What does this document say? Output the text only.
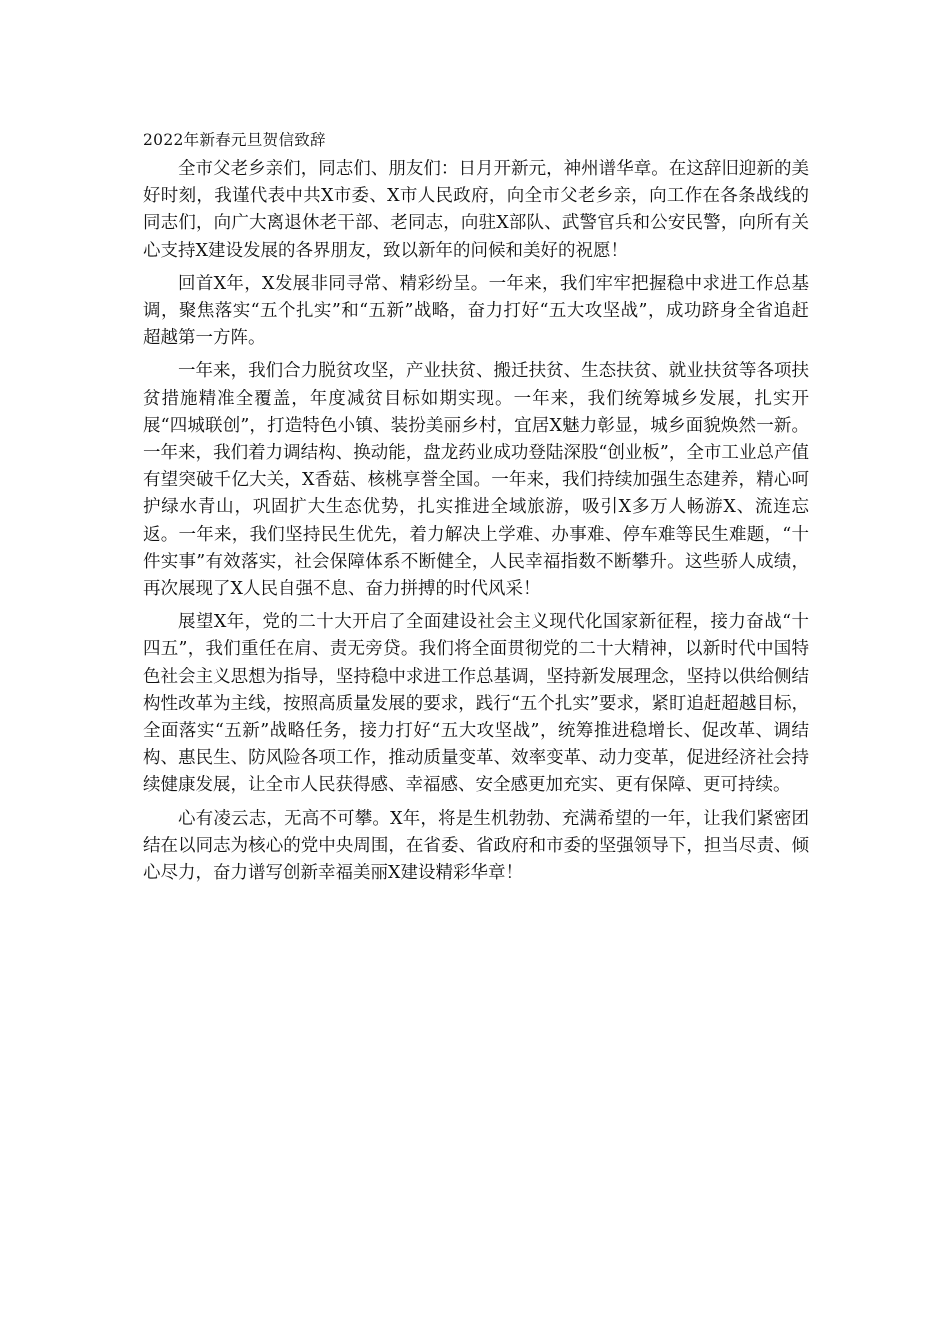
2022年新春元旦贺信致辞

全市父老乡亲们，同志们、朋友们：日月开新元，神州谱华章。在这辞旧迎新的美好时刻，我谨代表中共X市委、X市人民政府，向全市父老乡亲，向工作在各条战线的同志们，向广大离退休老干部、老同志，向驻X部队、武警官兵和公安民警，向所有关心支持X建设发展的各界朋友，致以新年的问候和美好的祝愿！

回首X年，X发展非同寻常、精彩纷呈。一年来，我们牢牢把握稳中求进工作总基调，聚焦落实“五个扎实”和“五新”战略，奋力打好“五大攻坚战”，成功跻身全省追赶超越第一方阵。

一年来，我们合力脱贫攻坚，产业扶贫、搬迁扶贫、生态扶贫、就业扶贫等各项扶贫措施精准全覆盖，年度减贫目标如期实现。一年来，我们统筹城乡发展，扎实开展“四城联创”，打造特色小镇、装扮美丽乡村，宜居X魅力彰显，城乡面貌焕然一新。一年来，我们着力调结构、换动能，盘龙药业成功登陆深股“创业板”，全市工业总产值有望突破千亿大关，X香菇、核桃享誉全国。一年来，我们持续加强生态建养，精心呵护绿水青山，巩固扩大生态优势，扎实推进全域旅游，吸引X多万人畅游X、流连忘返。一年来，我们坚持民生优先，着力解决上学难、办事难、停车难等民生难题，“十件实事”有效落实，社会保障体系不断健全，人民幸福指数不断攀升。这些骄人成绩，再次展现了X人民自强不息、奋力拼搏的时代风采！

展望X年，党的二十大开启了全面建设社会主义现代化国家新征程，接力奋战“十四五”，我们重任在肩、责无旁贷。我们将全面贯彻党的二十大精神，以新时代中国特色社会主义思想为指导，坚持稳中求进工作总基调，坚持新发展理念，坚持以供给侧结构性改革为主线，按照高质量发展的要求，践行“五个扎实”要求，紧盯追赶超越目标，全面落实“五新”战略任务，接力打好“五大攻坚战”，统筹推进稳增长、促改革、调结构、惠民生、防风险各项工作，推动质量变革、效率变革、动力变革，促进经济社会持续健康发展，让全市人民获得感、幸福感、安全感更加充实、更有保障、更可持续。

心有凌云志，无高不可攀。X年，将是生机勃勃、充满希望的一年，让我们紧密团结在以同志为核心的党中央周围，在省委、省政府和市委的坚强领导下，担当尽责、倾心尽力，奋力谱写创新幸福美丽X建设精彩华章！
